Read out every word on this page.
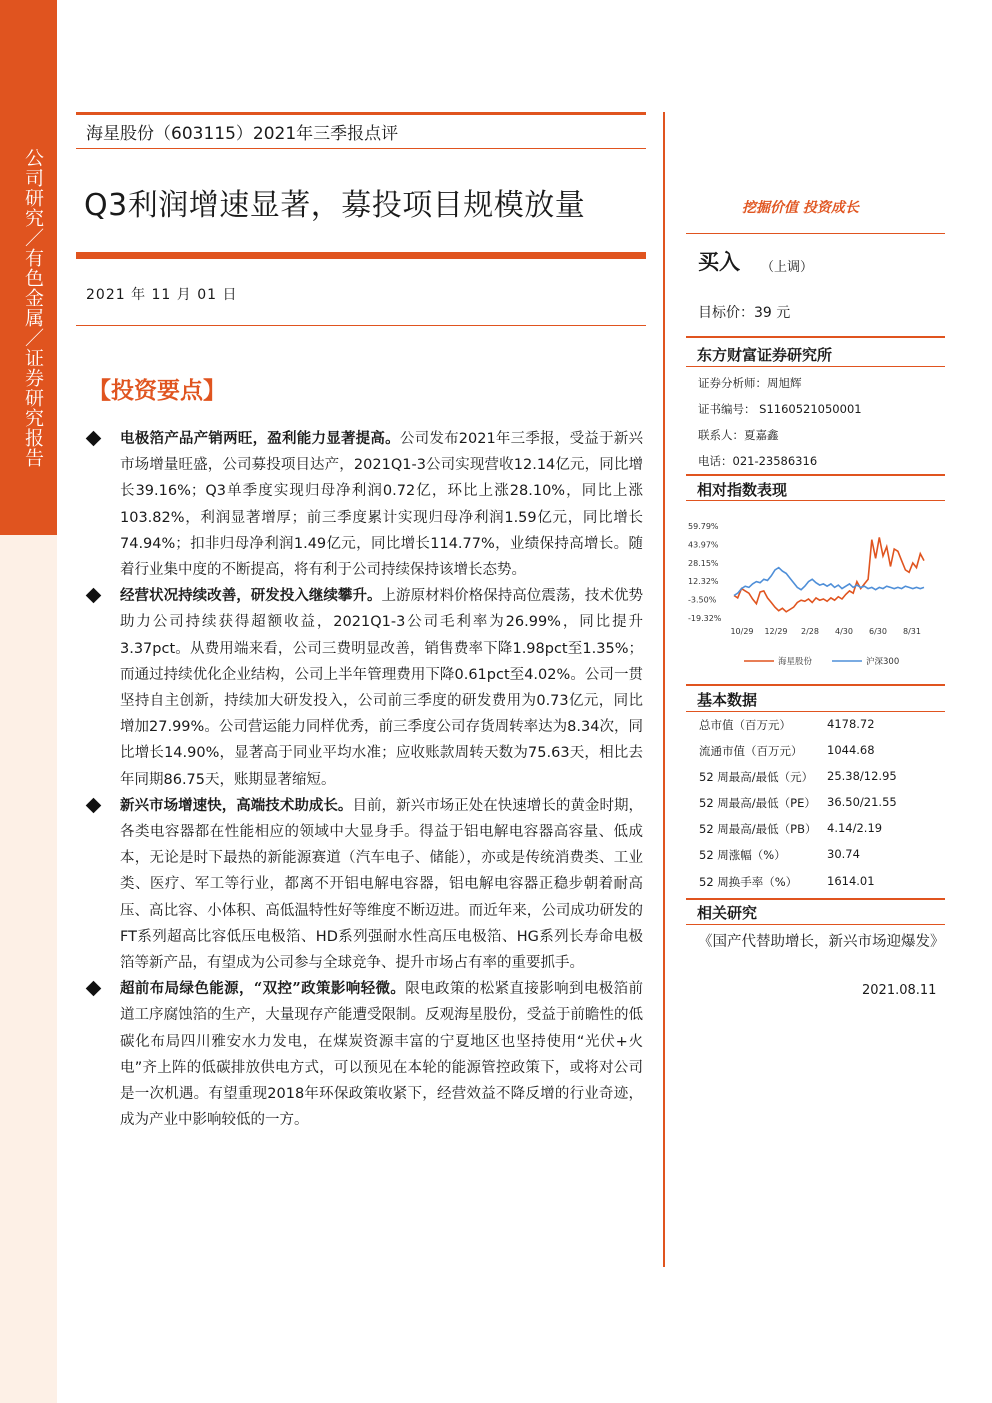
公司研究／有色金属／证券研究报告
海星股份（603115）2021年三季报点评
Q3利润增速显著，募投项目规模放量
2021 年 11 月 01 日
【投资要点】
电极箔产品产销两旺，盈利能力显著提高。公司发布2021年三季报，受益于新兴市场增量旺盛，公司募投项目达产，2021Q1-3公司实现营收12.14亿元，同比增长39.16%；Q3单季度实现归母净利润0.72亿，环比上涨28.10%，同比上涨103.82%，利润显著增厚；前三季度累计实现归母净利润1.59亿元，同比增长74.94%；扣非归母净利润1.49亿元，同比增长114.77%，业绩保持高增长。随着行业集中度的不断提高，将有利于公司持续保持该增长态势。
经营状况持续改善，研发投入继续攀升。上游原材料价格保持高位震荡，技术优势助力公司持续获得超额收益，2021Q1-3公司毛利率为26.99%，同比提升3.37pct。从费用端来看，公司三费明显改善，销售费率下降1.98pct至1.35%；而通过持续优化企业结构，公司上半年管理费用下降0.61pct至4.02%。公司一贯坚持自主创新，持续加大研发投入，公司前三季度的研发费用为0.73亿元，同比增加27.99%。公司营运能力同样优秀，前三季度公司存货周转率达为8.34次，同比增长14.90%，显著高于同业平均水准；应收账款周转天数为75.63天，相比去年同期86.75天，账期显著缩短。
新兴市场增速快，高端技术助成长。目前，新兴市场正处在快速增长的黄金时期，各类电容器都在性能相应的领域中大显身手。得益于铝电解电容器高容量、低成本，无论是时下最热的新能源赛道（汽车电子、储能），亦或是传统消费类、工业类、医疗、军工等行业，都离不开铝电解电容器，铝电解电容器正稳步朝着耐高压、高比容、小体积、高低温特性好等维度不断迈进。而近年来，公司成功研发的FT系列超高比容低压电极箔、HD系列强耐水性高压电极箔、HG系列长寿命电极箔等新产品，有望成为公司参与全球竞争、提升市场占有率的重要抓手。
超前布局绿色能源，“双控”政策影响轻微。限电政策的松紧直接影响到电极箔前道工序腐蚀箔的生产，大量现存产能遭受限制。反观海星股份，受益于前瞻性的低碳化布局四川雅安水力发电，在煤炭资源丰富的宁夏地区也坚持使用“光伏+火电”齐上阵的低碳排放供电方式，可以预见在本轮的能源管控政策下，或将对公司是一次机遇。有望重现2018年环保政策收紧下，经营效益不降反增的行业奇迹，成为产业中影响较低的一方。
挖掘价值 投资成长
买入 （上调）
目标价：39 元
东方财富证券研究所
证券分析师：周旭辉
证书编号： S1160521050001
联系人：夏嘉鑫
电话：021-23586316
相对指数表现
59.79%
43.97%
28.15%
12.32%
-3.50%
-19.32%
10/29 12/29 2/28 4/30 6/30 8/31
海星股份	沪深300
基本数据
总市值（百万元）	4178.72
流通市值（百万元） 1044.68
52 周最高/最低（元） 25.38/12.95
52 周最高/最低（PE） 36.50/21.55
52 周最高/最低（PB） 4.14/2.19
52 周涨幅（%）	30.74
52 周换手率（%）	1614.01
相关研究
《国产代替助增长，新兴市场迎爆发》
2021.08.11
